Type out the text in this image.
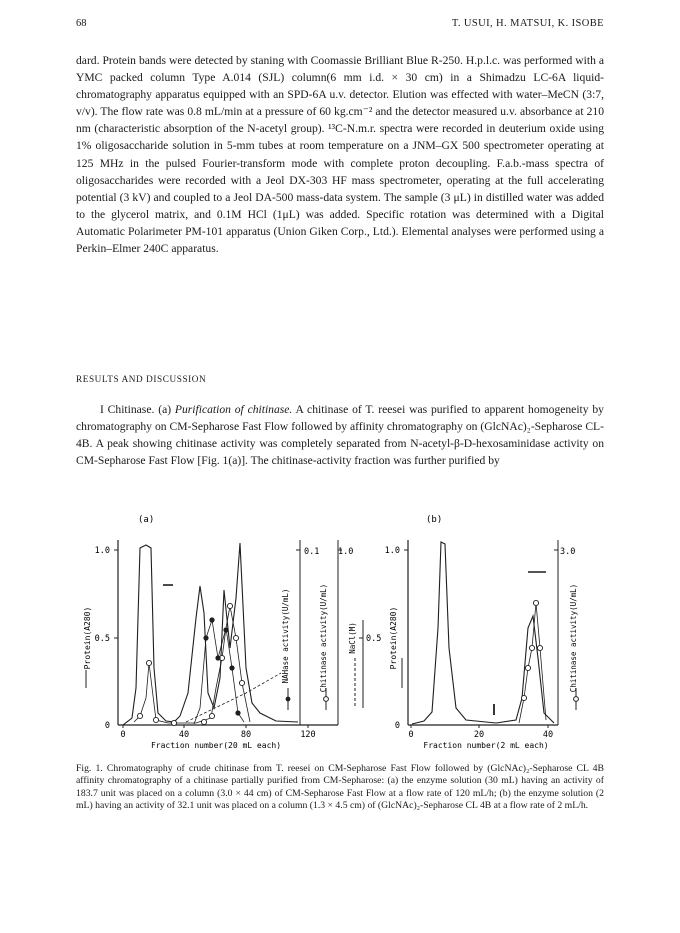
68	T. USUI, H. MATSUI, K. ISOBE

dard. Protein bands were detected by staning with Coomassie Brilliant Blue R-250. H.p.l.c. was performed with a YMC packed column Type A.014 (SJL) column(6 mm i.d. × 30 cm) in a Shimadzu LC-6A liquid-chromatography apparatus equipped with an SPD-6A u.v. detector. Elution was effected with water–MeCN (3:7, v/v). The flow rate was 0.8 mL/min at a pressure of 60 kg.cm⁻² and the detector measured u.v. absorbance at 210 nm (characteristic absorption of the N-acetyl group). ¹³C-N.m.r. spectra were recorded in deuterium oxide using 1% oligosaccharide solution in 5-mm tubes at room temperature on a JNM–GX 500 spectrometer operating at 125 MHz in the pulsed Fourier-transform mode with complete proton decoupling. F.a.b.-mass spectra of oligosaccharides were recorded with a Jeol DX-303 HF mass spectrometer, operating at the full accelerating potential (3 kV) and coupled to a Jeol DA-500 mass-data system. The sample (3 μL) in distilled water was added to the glycerol matrix, and 0.1M HCl (1μL) was added. Specific rotation was determined with a Digital Automatic Polarimeter PM-101 apparatus (Union Giken Corp., Ltd.). Elemental analyses were performed using a Perkin–Elmer 240C apparatus.

RESULTS AND DISCUSSION

I Chitinase. (a) Purification of chitinase. A chitinase of T. reesei was purified to apparent homogeneity by chromatography on CM-Sepharose Fast Flow followed by affinity chromatography on (GlcNAc)₂-Sepharose CL-4B. A peak showing chitinase activity was completely separated from N-acetyl-β-D-hexosaminidase activity on CM-Sepharose Fast Flow [Fig. 1(a)]. The chitinase-activity fraction was further purified by

(a)
1.0
0.5
0
0.1 1.0
0	40	80	120
Fraction number(20 mL each)
Protein(A280)	NAHase activity(U/mL)	Chitinase activity(U/mL)	NaCl(M) 0.5
(b)
Protein(A280)
1.0
0
3.0
0	20	40
Fraction number(2 mL each)
Chitinase activity(U/mL)

Fig. 1. Chromatography of crude chitinase from T. reesei on CM-Sepharose Fast Flow followed by (GlcNAc)₂-Sepharose CL 4B affinity chromatography of a chitinase partially purified from CM-Sepharose: (a) the enzyme solution (30 mL) having an activity of 183.7 unit was placed on a column (3.0 × 44 cm) of CM-Sepharose Fast Flow at a flow rate of 120 mL/h; (b) the enzyme solution (2 mL) having an activity of 32.1 unit was placed on a column (1.3 × 4.5 cm) of (GlcNAc)₂-Sepharose CL 4B at a flow rate of 2 mL/h.
